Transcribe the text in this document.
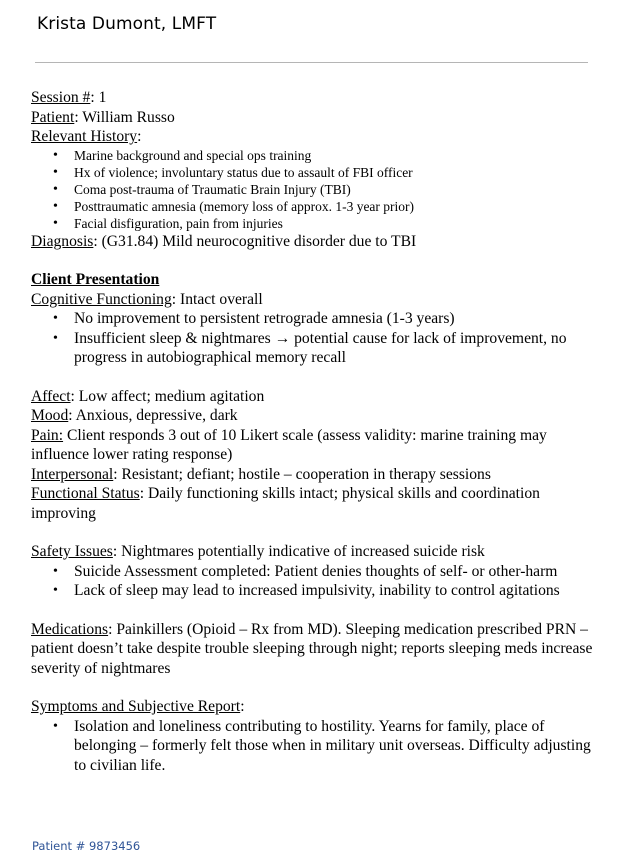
Krista Dumont, LMFT
Session #: 1
Patient: William Russo
Relevant History:
• Marine background and special ops training
• Hx of violence; involuntary status due to assault of FBI officer
• Coma post-trauma of Traumatic Brain Injury (TBI)
• Posttraumatic amnesia (memory loss of approx. 1-3 year prior)
• Facial disfiguration, pain from injuries
Diagnosis: (G31.84) Mild neurocognitive disorder due to TBI
Client Presentation
Cognitive Functioning: Intact overall
• No improvement to persistent retrograde amnesia (1-3 years)
• Insufficient sleep & nightmares → potential cause for lack of improvement, no progress in autobiographical memory recall
Affect: Low affect; medium agitation
Mood: Anxious, depressive, dark
Pain: Client responds 3 out of 10 Likert scale (assess validity: marine training may influence lower rating response)
Interpersonal: Resistant; defiant; hostile – cooperation in therapy sessions
Functional Status: Daily functioning skills intact; physical skills and coordination improving
Safety Issues: Nightmares potentially indicative of increased suicide risk
• Suicide Assessment completed: Patient denies thoughts of self- or other-harm
• Lack of sleep may lead to increased impulsivity, inability to control agitations
Medications: Painkillers (Opioid – Rx from MD). Sleeping medication prescribed PRN – patient doesn’t take despite trouble sleeping through night; reports sleeping meds increase severity of nightmares
Symptoms and Subjective Report:
• Isolation and loneliness contributing to hostility. Yearns for family, place of belonging – formerly felt those when in military unit overseas. Difficulty adjusting to civilian life.
Patient # 9873456
